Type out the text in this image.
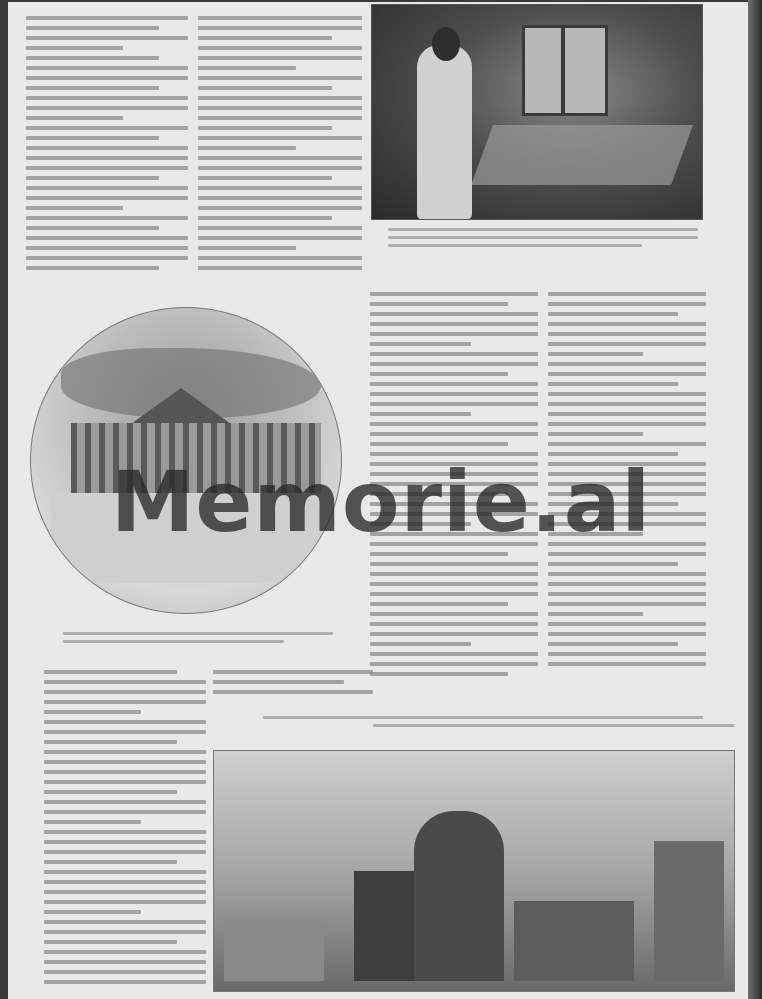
Memorie.al
